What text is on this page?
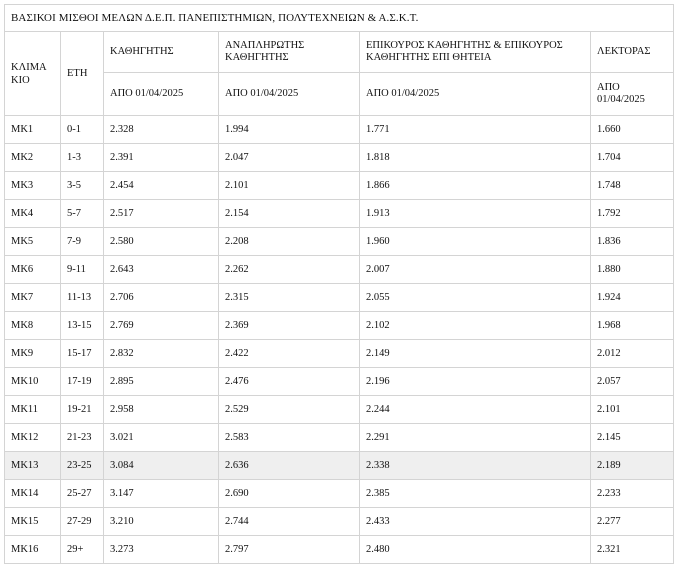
ΒΑΣΙΚΟΙ ΜΙΣΘΟΙ ΜΕΛΩΝ Δ.Ε.Π. ΠΑΝΕΠΙΣΤΗΜΙΩΝ, ΠΟΛΥΤΕΧΝΕΙΩΝ & Α.Σ.Κ.Τ.					

ΚΛΙΜΑΚΙΟ	ΕΤΗ	ΚΑΘΗΓΗΤΗΣ	ΑΝΑΠΛΗΡΩΤΗΣ ΚΑΘΗΓΗΤΗΣ	ΕΠΙΚΟΥΡΟΣ ΚΑΘΗΓΗΤΗΣ & ΕΠΙΚΟΥΡΟΣ ΚΑΘΗΓΗΤΗΣ ΕΠΙ ΘΗΤΕΙΑ	ΛΕΚΤΟΡΑΣ
		ΑΠΟ 01/04/2025	ΑΠΟ 01/04/2025	ΑΠΟ 01/04/2025	ΑΠΟ 01/04/2025

ΜΚ1	0-1	2.328	1.994	1.771	1.660
ΜΚ2	1-3	2.391	2.047	1.818	1.704
ΜΚ3	3-5	2.454	2.101	1.866	1.748
ΜΚ4	5-7	2.517	2.154	1.913	1.792
ΜΚ5	7-9	2.580	2.208	1.960	1.836
ΜΚ6	9-11	2.643	2.262	2.007	1.880
ΜΚ7	11-13	2.706	2.315	2.055	1.924
ΜΚ8	13-15	2.769	2.369	2.102	1.968
ΜΚ9	15-17	2.832	2.422	2.149	2.012
ΜΚ10	17-19	2.895	2.476	2.196	2.057
ΜΚ11	19-21	2.958	2.529	2.244	2.101
ΜΚ12	21-23	3.021	2.583	2.291	2.145
ΜΚ13	23-25	3.084	2.636	2.338	2.189
ΜΚ14	25-27	3.147	2.690	2.385	2.233
ΜΚ15	27-29	3.210	2.744	2.433	2.277
ΜΚ16	29+	3.273	2.797	2.480	2.321
